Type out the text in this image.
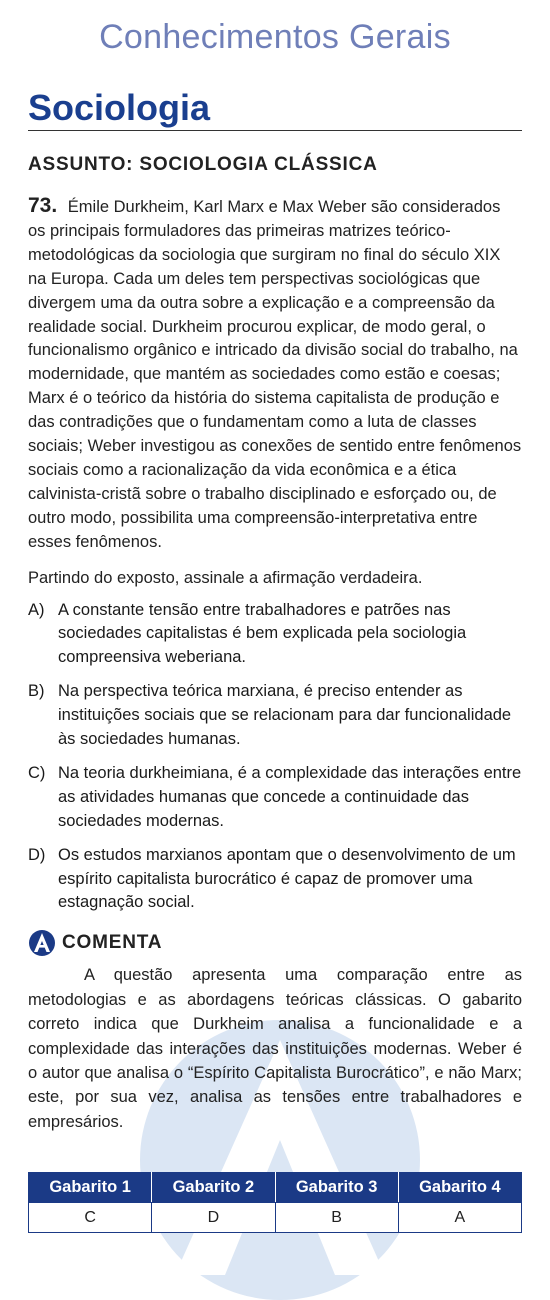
Conhecimentos Gerais
Sociologia
ASSUNTO: SOCIOLOGIA CLÁSSICA
73. Émile Durkheim, Karl Marx e Max Weber são considerados os principais formuladores das primeiras matrizes teórico-metodológicas da sociologia que surgiram no final do século XIX na Europa. Cada um deles tem perspectivas sociológicas que divergem uma da outra sobre a explicação e a compreensão da realidade social. Durkheim procurou explicar, de modo geral, o funcionalismo orgânico e intricado da divisão social do trabalho, na modernidade, que mantém as sociedades como estão e coesas; Marx é o teórico da história do sistema capitalista de produção e das contradições que o fundamentam como a luta de classes sociais; Weber investigou as conexões de sentido entre fenômenos sociais como a racionalização da vida econômica e a ética calvinista-cristã sobre o trabalho disciplinado e esforçado ou, de outro modo, possibilita uma compreensão-interpretativa entre esses fenômenos.
Partindo do exposto, assinale a afirmação verdadeira.
A) A constante tensão entre trabalhadores e patrões nas sociedades capitalistas é bem explicada pela sociologia compreensiva weberiana.
B) Na perspectiva teórica marxiana, é preciso entender as instituições sociais que se relacionam para dar funcionalidade às sociedades humanas.
C) Na teoria durkheimiana, é a complexidade das interações entre as atividades humanas que concede a continuidade das sociedades modernas.
D) Os estudos marxianos apontam que o desenvolvimento de um espírito capitalista burocrático é capaz de promover uma estagnação social.
COMENTA
A questão apresenta uma comparação entre as metodologias e as abordagens teóricas clássicas. O gabarito correto indica que Durkheim analisa a funcionalidade e a complexidade das interações das instituições modernas. Weber é o autor que analisa o “Espírito Capitalista Burocrático”, e não Marx; este, por sua vez, analisa as tensões entre trabalhadores e empresários.
Gabarito 1	Gabarito 2	Gabarito 3	Gabarito 4
C	D	B	A
